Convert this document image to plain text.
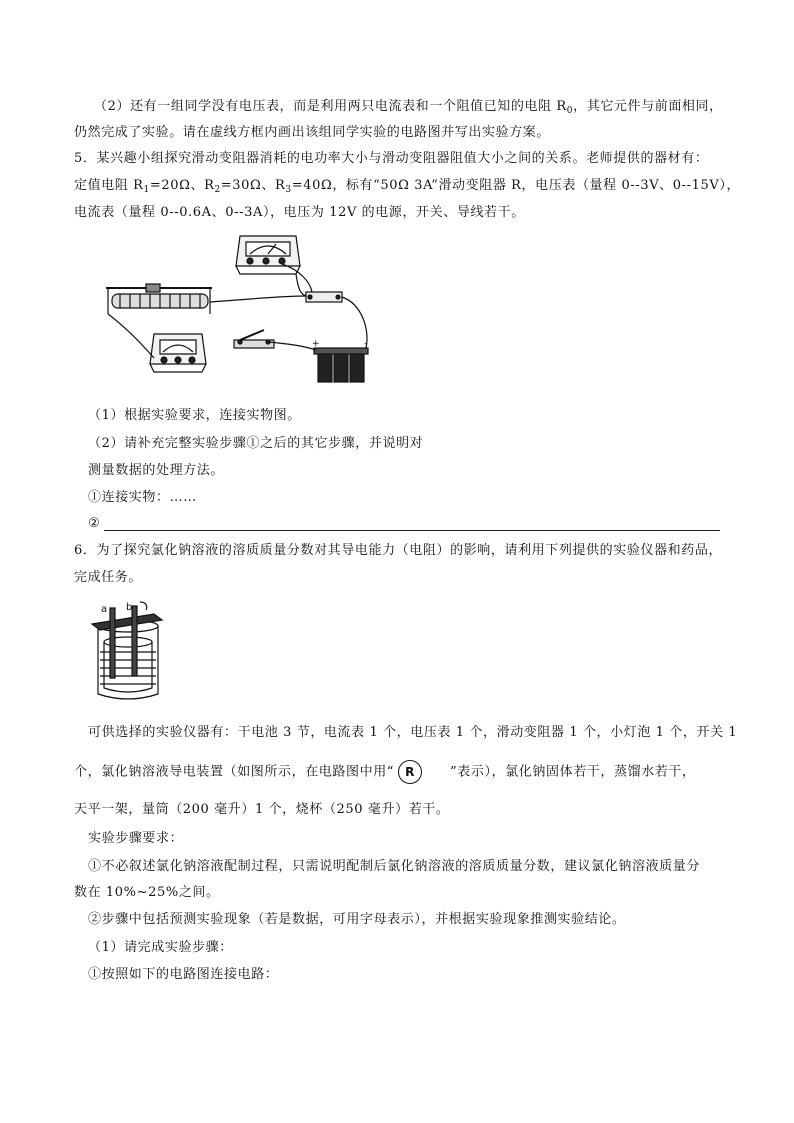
（2）还有一组同学没有电压表，而是利用两只电流表和一个阻值已知的电阻 $R_0$，其它元件与前面相同，
仍然完成了实验。请在虚线方框内画出该组同学实验的电路图并写出实验方案。
5．某兴趣小组探究滑动变阻器消耗的电功率大小与滑动变阻器阻值大小之间的关系。老师提供的器材有：
定值电阻 $R_1=20\Omega$、$R_2=30\Omega$、$R_3=40\Omega$，标有“50Ω 3A”滑动变阻器 R，电压表（量程 0--3V、0--15V），
电流表（量程 0--0.6A、0--3A），电压为 12V 的电源，开关、导线若干。
+	-
（1）根据实验要求，连接实物图。
（2）请补充完整实验步骤①之后的其它步骤，并说明对
测量数据的处理方法。
①连接实物：……
②
6．为了探究氯化钠溶液的溶质质量分数对其导电能力（电阻）的影响，请利用下列提供的实验仪器和药品，
完成任务。
a b
可供选择的实验仪器有：干电池 3 节，电流表 1 个，电压表 1 个，滑动变阻器 1 个，小灯泡 1 个，开关 1
个，氯化钠溶液导电装置（如图所示，在电路图中用“ R	”表示），氯化钠固体若干，蒸馏水若干，
天平一架，量筒（200 毫升）1 个，烧杯（250 毫升）若干。
实验步骤要求：
①不必叙述氯化钠溶液配制过程，只需说明配制后氯化钠溶液的溶质质量分数，建议氯化钠溶液质量分
数在 10%~25%之间。
②步骤中包括预测实验现象（若是数据，可用字母表示），并根据实验现象推测实验结论。
（1）请完成实验步骤：
①按照如下的电路图连接电路：
